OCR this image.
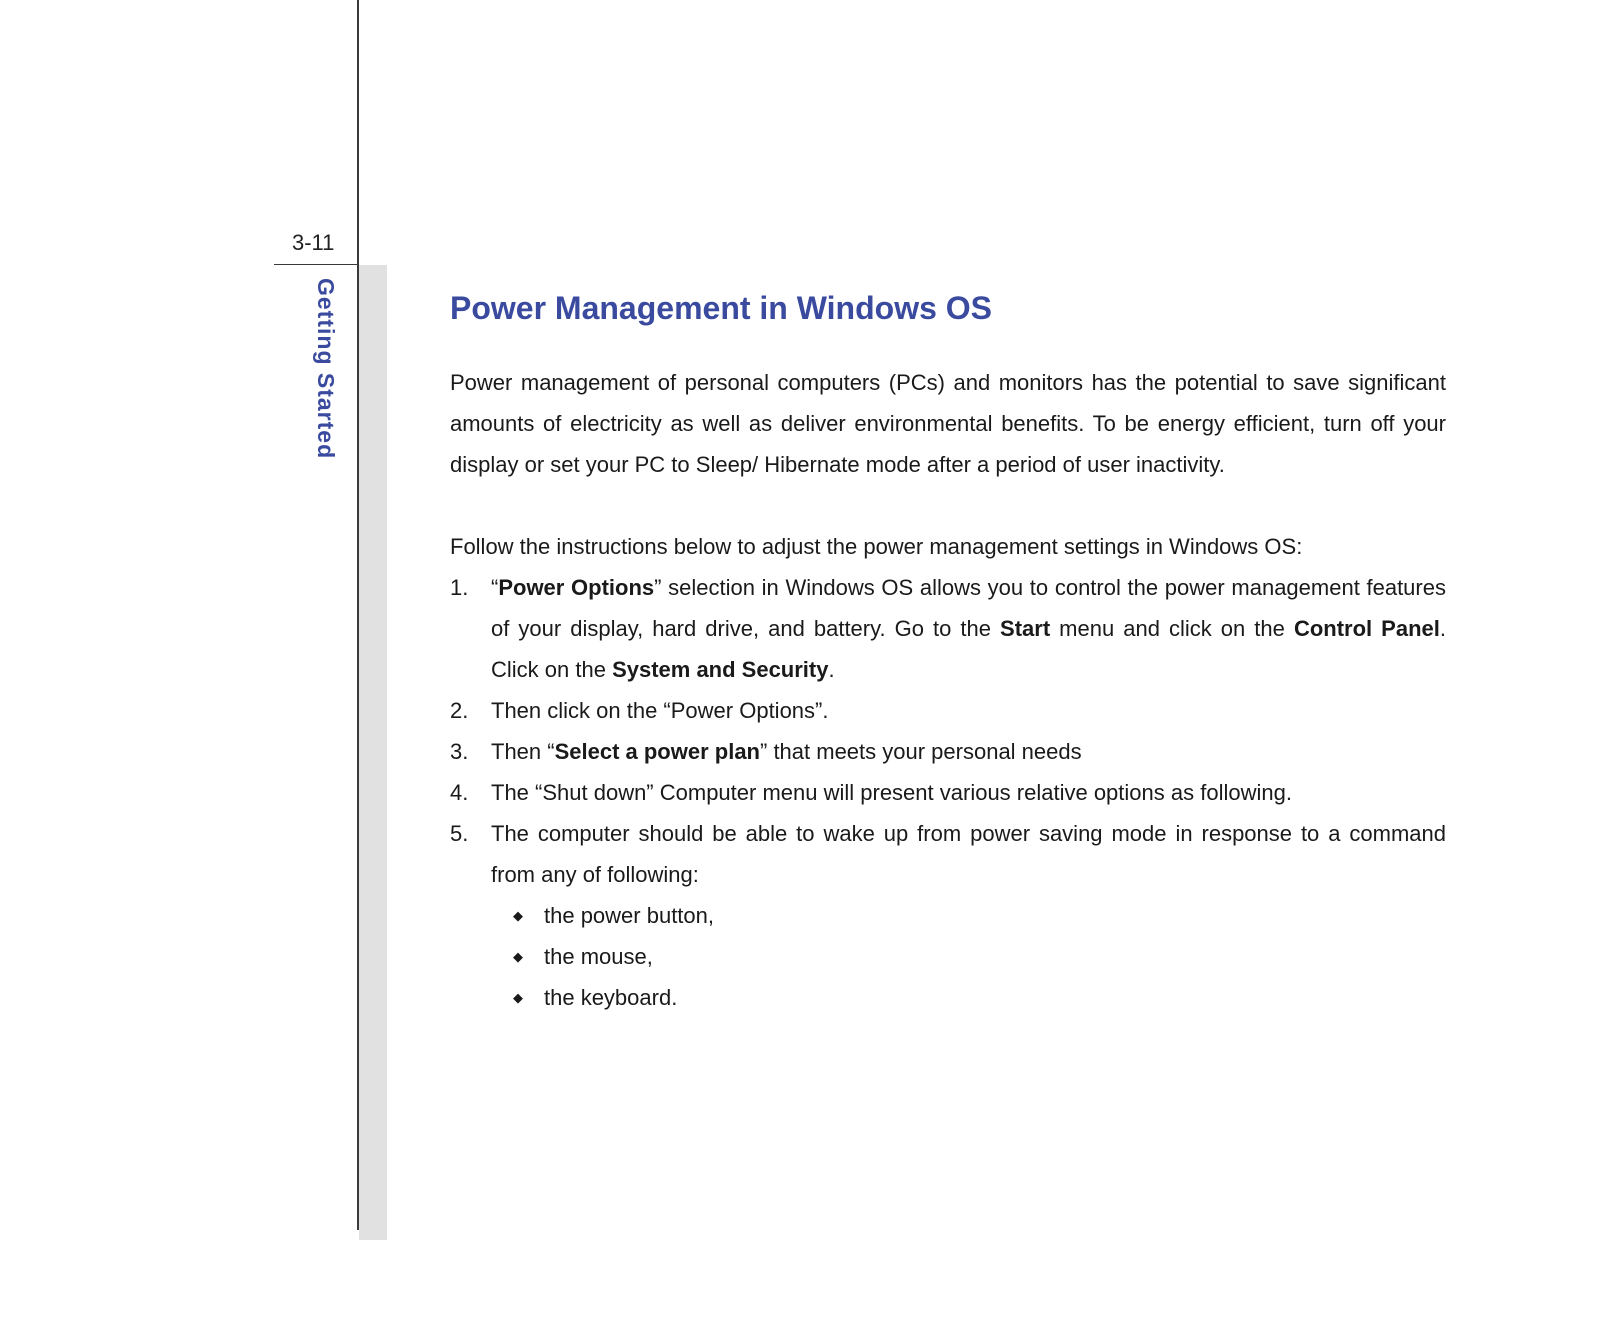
3-11
Getting Started	Power Management in Windows OS

Power management of personal computers (PCs) and monitors has the potential to save significant amounts of electricity as well as deliver environmental benefits. To be energy efficient, turn off your display or set your PC to Sleep/ Hibernate mode after a period of user inactivity.

Follow the instructions below to adjust the power management settings in Windows OS:

1. “Power Options” selection in Windows OS allows you to control the power management features of your display, hard drive, and battery. Go to the Start menu and click on the Control Panel. Click on the System and Security.
2. Then click on the “Power Options”.
3. Then “Select a power plan” that meets your personal needs
4. The “Shut down” Computer menu will present various relative options as following.
5. The computer should be able to wake up from power saving mode in response to a command from any of following:
◆ the power button,
◆ the mouse,
◆ the keyboard.
